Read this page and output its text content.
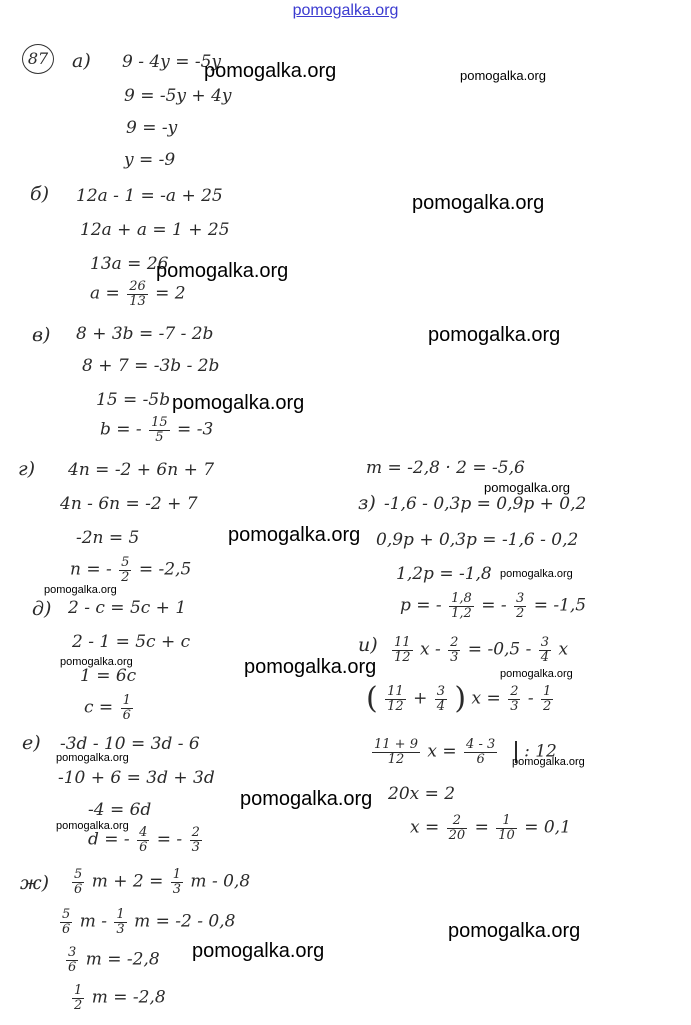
pomogalka.org
87	а) 9 - 4y = -5y
9 = -5y + 4y
9 = -y
y = -9
б) 12a - 1 = -a + 25
12a + a = 1 + 25
13a = 26
$a = \frac{26}{13} = 2$
в) 8 + 3b = -7 - 2b
8 + 7 = -3b - 2b
15 = -5b
b = - $\frac{15}{5} = -3$
г) 4n = -2 + 6n + 7
4n - 6n = -2 + 7
-2n = 5
n = - $\frac{5}{2} = -2,5$
д) 2 - c = 5c + 1
2 - 1 = 5c + c
1 = 6c
$c = \frac{1}{6}$
е) -3d - 10 = 3d - 6
-10 + 6 = 3d + 3d
-4 = 6d
d = - $\frac{4}{6}$ = - $\frac{2}{3}$
$ж) \frac{5}{6}$ $m + 2 = \frac{1}{3}$ m - 0,8
$\frac{5}{6}$ m - $\frac{1}{3}$ m = -2 - 0,8
$\frac{3}{6}$ m = -2,8
$\frac{1}{2}$ m = -2,8
m = -2,8 · 2 = -5,6
з) -1,6 - 0,3p = 0,9p + 0,2
0,9p + 0,3p = -1,6 - 0,2
1,2p = -1,8
p = - $\frac{1,8}{1,2}$ = - $\frac{3}{2} = -1,5$
$и) \frac{11}{12}$ $x - \frac{2}{3} = -0,5 - \frac{3}{4}$ x
( $\frac{11}{12} + \frac{3}{4}$ ) $x = \frac{2}{3} - \frac{1}{2}$
$\frac{11 + 9}{12}$ $x = \frac{4 - 3}{6}$ : 12
20x = 2
$x = \frac{2}{20} = \frac{1}{10} = 0,1$
pomogalka.org	pomogalka.org
pomogalka.org
pomogalka.org
pomogalka.org
pomogalka.org
pomogalka.org
pomogalka.org
pomogalka.org
pomogalka.org
pomogalka.org	pomogalka.org	pomogalka.org
pomogalka.org	pomogalka.org
pomogalka.org
pomogalka.org
pomogalka.org
pomogalka.org
